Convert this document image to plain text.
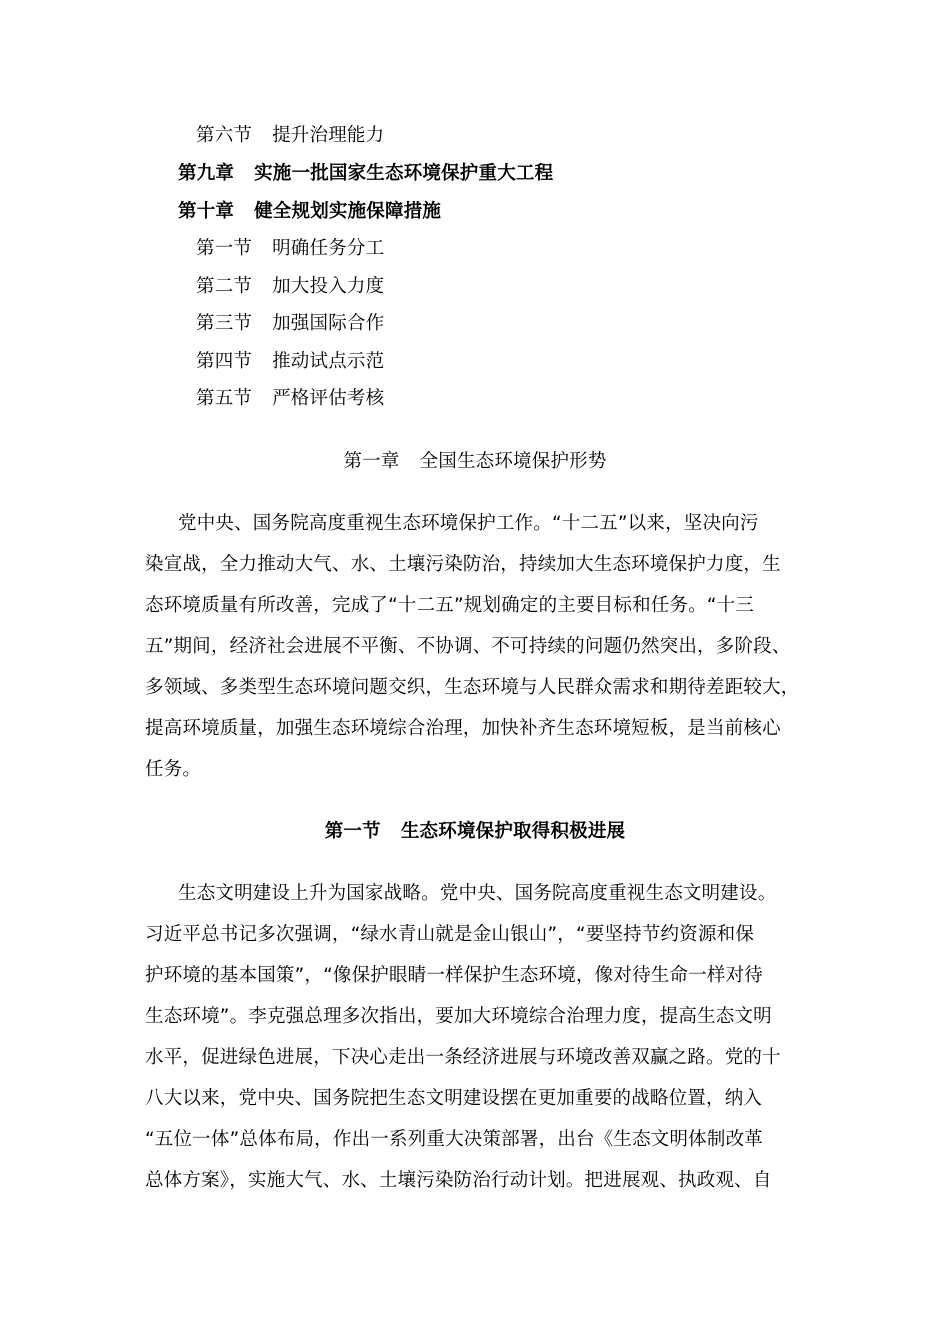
第六节 提升治理能力
第九章 实施一批国家生态环境保护重大工程
第十章 健全规划实施保障措施
第一节 明确任务分工
第二节 加大投入力度
第三节 加强国际合作
第四节 推动试点示范
第五节 严格评估考核
第一章 全国生态环境保护形势
党中央、国务院高度重视生态环境保护工作。“十二五”以来，坚决向污
染宣战，全力推动大气、水、土壤污染防治，持续加大生态环境保护力度，生
态环境质量有所改善，完成了“十二五”规划确定的主要目标和任务。“十三
五”期间，经济社会进展不平衡、不协调、不可持续的问题仍然突出，多阶段、
多领域、多类型生态环境问题交织，生态环境与人民群众需求和期待差距较大，
提高环境质量，加强生态环境综合治理，加快补齐生态环境短板，是当前核心
任务。
第一节 生态环境保护取得积极进展
生态文明建设上升为国家战略。党中央、国务院高度重视生态文明建设。
习近平总书记多次强调，“绿水青山就是金山银山”，“要坚持节约资源和保
护环境的基本国策”，“像保护眼睛一样保护生态环境，像对待生命一样对待
生态环境”。李克强总理多次指出，要加大环境综合治理力度，提高生态文明
水平，促进绿色进展，下决心走出一条经济进展与环境改善双赢之路。党的十
八大以来，党中央、国务院把生态文明建设摆在更加重要的战略位置，纳入
“五位一体”总体布局，作出一系列重大决策部署，出台《生态文明体制改革
总体方案》，实施大气、水、土壤污染防治行动计划。把进展观、执政观、自
